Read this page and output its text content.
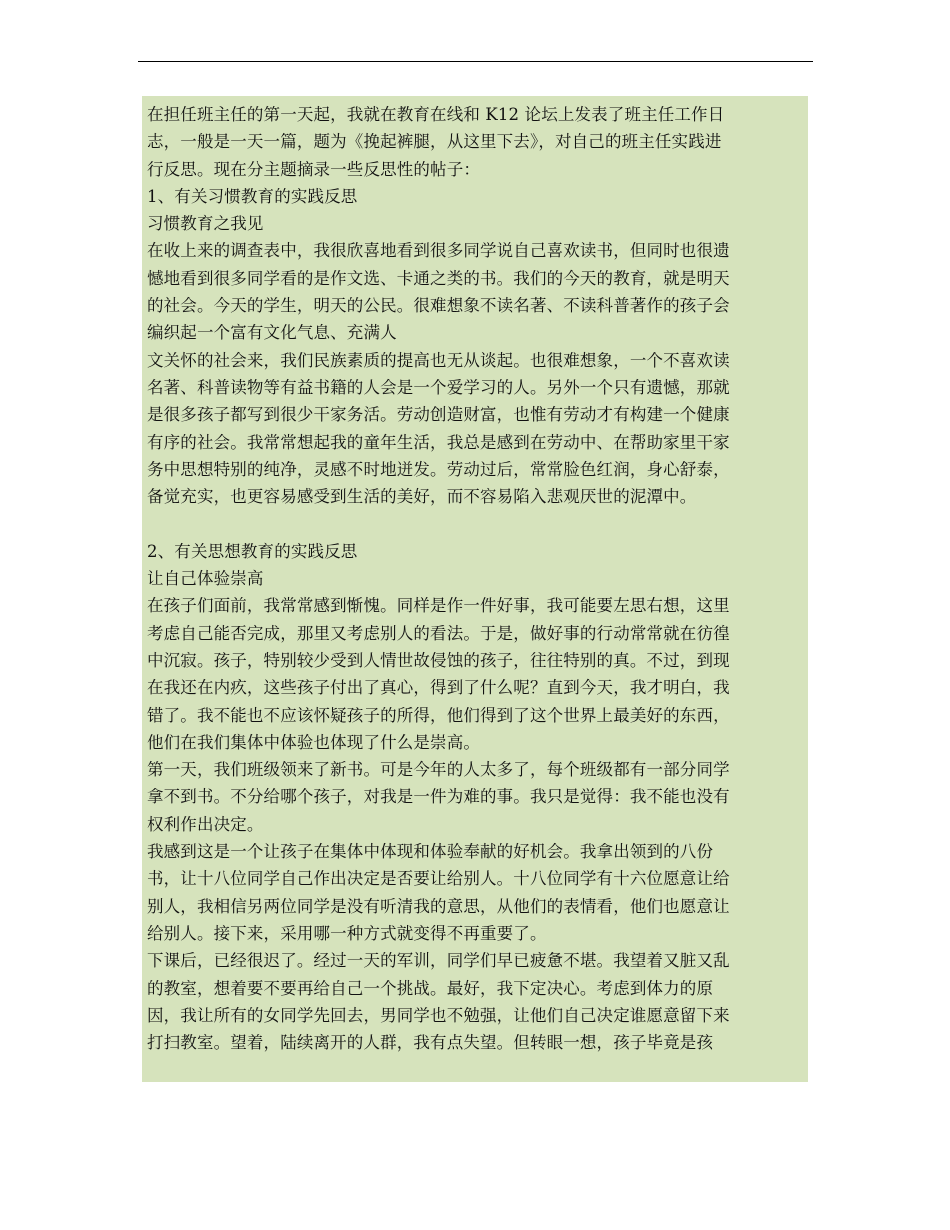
在担任班主任的第一天起，我就在教育在线和 K12 论坛上发表了班主任工作日
志，一般是一天一篇，题为《挽起裤腿，从这里下去》，对自己的班主任实践进
行反思。现在分主题摘录一些反思性的帖子：
1、有关习惯教育的实践反思
习惯教育之我见
在收上来的调查表中，我很欣喜地看到很多同学说自己喜欢读书，但同时也很遗
憾地看到很多同学看的是作文选、卡通之类的书。我们的今天的教育，就是明天
的社会。今天的学生，明天的公民。很难想象不读名著、不读科普著作的孩子会
编织起一个富有文化气息、充满人
文关怀的社会来，我们民族素质的提高也无从谈起。也很难想象，一个不喜欢读
名著、科普读物等有益书籍的人会是一个爱学习的人。另外一个只有遗憾，那就
是很多孩子都写到很少干家务活。劳动创造财富，也惟有劳动才有构建一个健康
有序的社会。我常常想起我的童年生活，我总是感到在劳动中、在帮助家里干家
务中思想特别的纯净，灵感不时地迸发。劳动过后，常常脸色红润，身心舒泰，
备觉充实，也更容易感受到生活的美好，而不容易陷入悲观厌世的泥潭中。
2、有关思想教育的实践反思
让自己体验崇高
在孩子们面前，我常常感到惭愧。同样是作一件好事，我可能要左思右想，这里
考虑自己能否完成，那里又考虑别人的看法。于是，做好事的行动常常就在彷徨
中沉寂。孩子，特别较少受到人情世故侵蚀的孩子，往往特别的真。不过，到现
在我还在内疚，这些孩子付出了真心，得到了什么呢？直到今天，我才明白，我
错了。我不能也不应该怀疑孩子的所得，他们得到了这个世界上最美好的东西，
他们在我们集体中体验也体现了什么是崇高。
第一天，我们班级领来了新书。可是今年的人太多了，每个班级都有一部分同学
拿不到书。不分给哪个孩子，对我是一件为难的事。我只是觉得：我不能也没有
权利作出决定。
我感到这是一个让孩子在集体中体现和体验奉献的好机会。我拿出领到的八份
书，让十八位同学自己作出决定是否要让给别人。十八位同学有十六位愿意让给
别人，我相信另两位同学是没有听清我的意思，从他们的表情看，他们也愿意让
给别人。接下来，采用哪一种方式就变得不再重要了。
下课后，已经很迟了。经过一天的军训，同学们早已疲惫不堪。我望着又脏又乱
的教室，想着要不要再给自己一个挑战。最好，我下定决心。考虑到体力的原
因，我让所有的女同学先回去，男同学也不勉强，让他们自己决定谁愿意留下来
打扫教室。望着，陆续离开的人群，我有点失望。但转眼一想，孩子毕竟是孩
